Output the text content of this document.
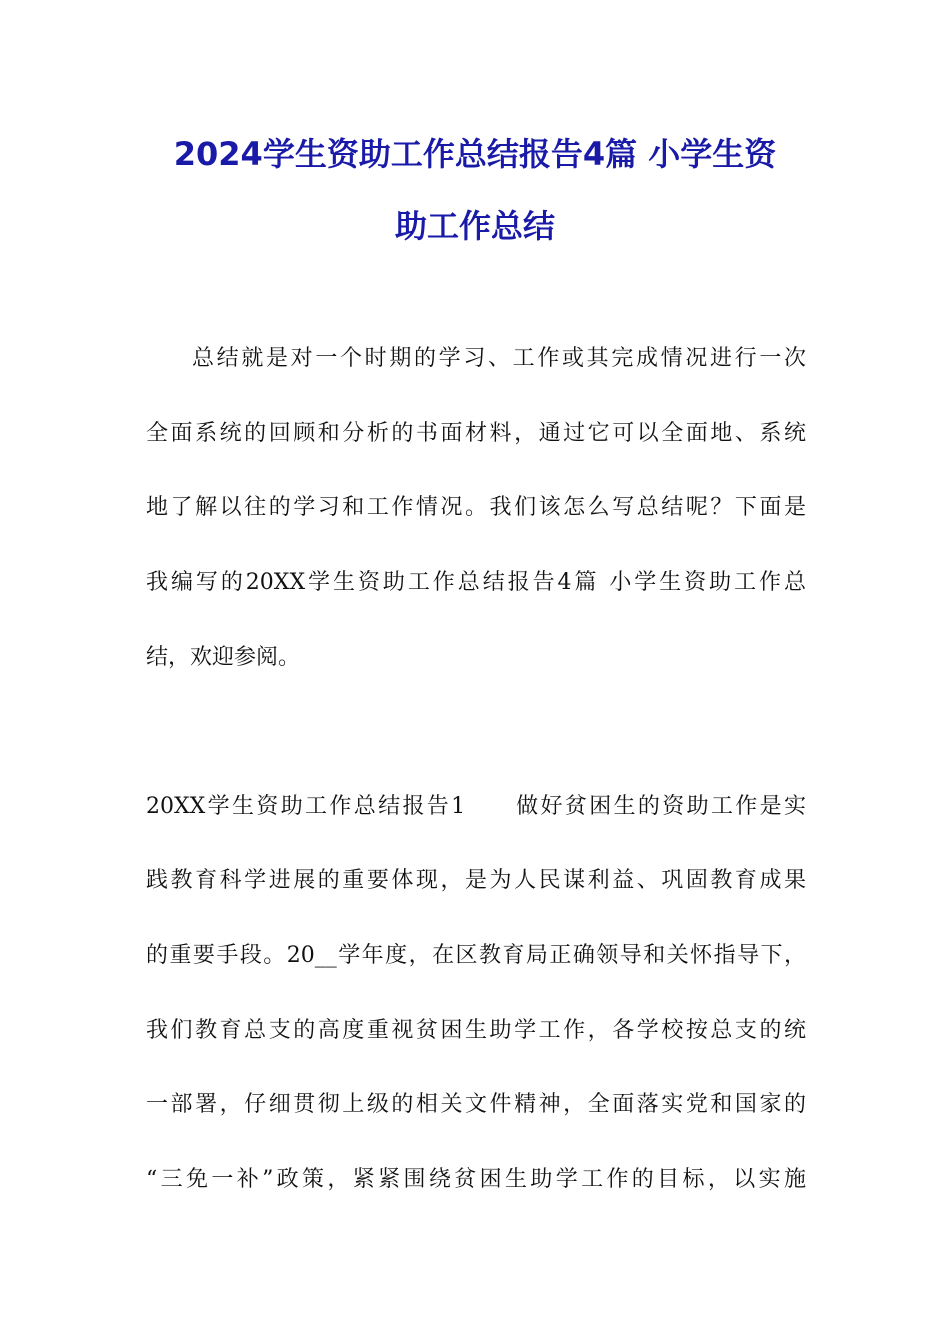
2024学生资助工作总结报告4篇 小学生资
助工作总结

总结就是对一个时期的学习、工作或其完成情况进行一次

全面系统的回顾和分析的书面材料，通过它可以全面地、系统

地了解以往的学习和工作情况。我们该怎么写总结呢？下面是

我编写的20XX学生资助工作总结报告4篇 小学生资助工作总

结，欢迎参阅。

20XX学生资助工作总结报告1　　做好贫困生的资助工作是实

践教育科学进展的重要体现，是为人民谋利益、巩固教育成果

的重要手段。20__学年度，在区教育局正确领导和关怀指导下，

我们教育总支的高度重视贫困生助学工作，各学校按总支的统

一部署，仔细贯彻上级的相关文件精神，全面落实党和国家的

“三免一补”政策，紧紧围绕贫困生助学工作的目标，以实施
